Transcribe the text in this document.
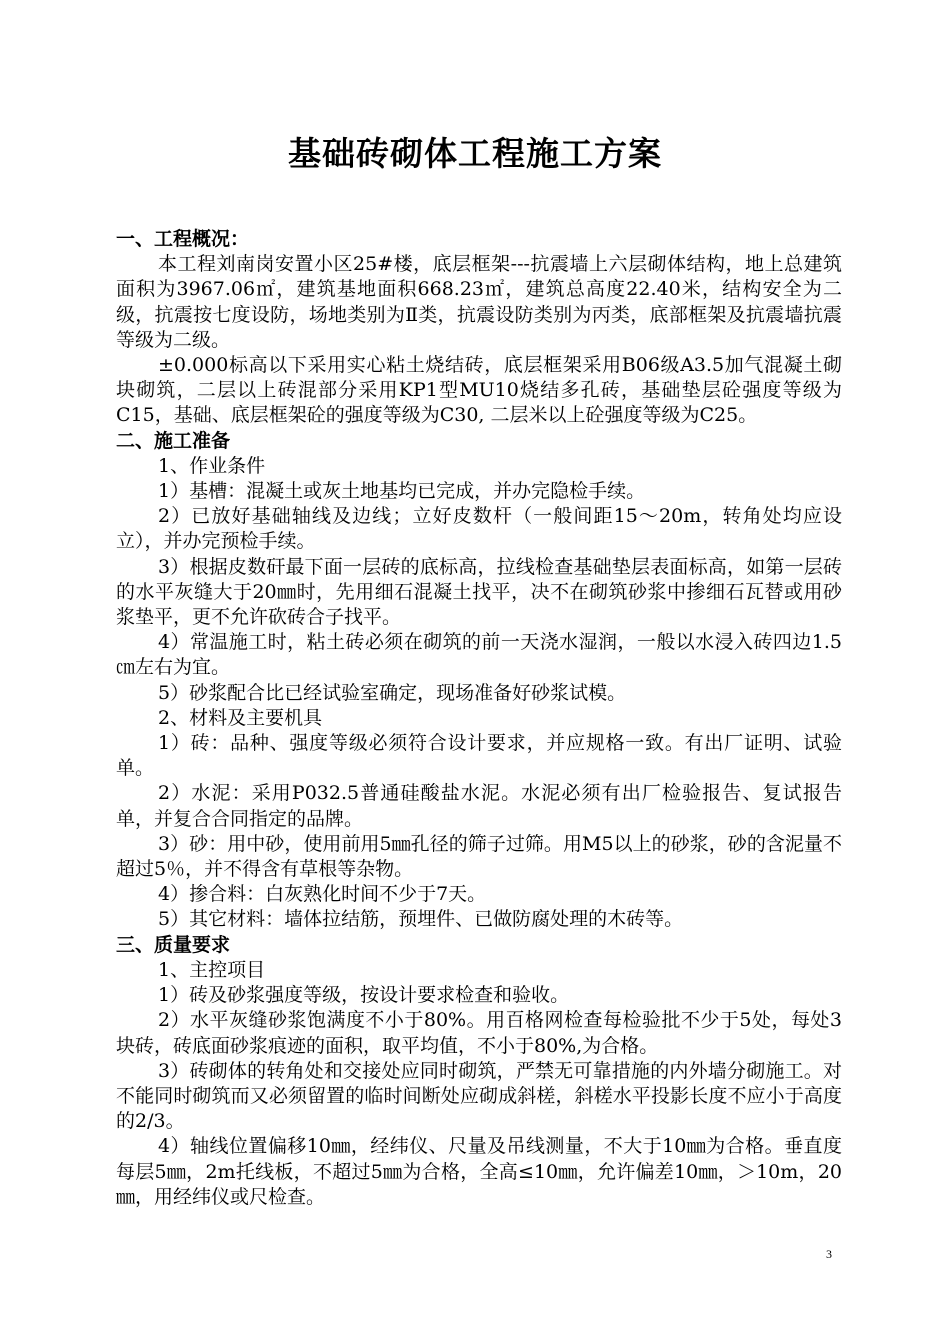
基础砖砌体工程施工方案

一、工程概况：

本工程刘南岗安置小区25#楼，底层框架---抗震墙上六层砌体结构，地上总建筑面积为3967.06㎡，建筑基地面积668.23㎡，建筑总高度22.40米，结构安全为二级，抗震按七度设防，场地类别为Ⅱ类，抗震设防类别为丙类，底部框架及抗震墙抗震等级为二级。

±0.000标高以下采用实心粘土烧结砖，底层框架采用B06级A3.5加气混凝土砌块砌筑，二层以上砖混部分采用KP1型MU10烧结多孔砖，基础垫层砼强度等级为C15，基础、底层框架砼的强度等级为C30, 二层米以上砼强度等级为C25。

二、施工准备

1、作业条件

1）基槽：混凝土或灰土地基均已完成，并办完隐检手续。

2）已放好基础轴线及边线；立好皮数杆（一般间距15～20m，转角处均应设立），并办完预检手续。

3）根据皮数矸最下面一层砖的底标高，拉线检查基础垫层表面标高，如第一层砖的水平灰缝大于20㎜时，先用细石混凝土找平，决不在砌筑砂浆中掺细石瓦替或用砂浆垫平，更不允许砍砖合子找平。

4）常温施工时，粘土砖必须在砌筑的前一天浇水湿润，一般以水浸入砖四边1.5㎝左右为宜。

5）砂浆配合比已经试验室确定，现场准备好砂浆试模。

2、材料及主要机具

1）砖：品种、强度等级必须符合设计要求，并应规格一致。有出厂证明、试验单。

2）水泥：采用P032.5普通硅酸盐水泥。水泥必须有出厂检验报告、复试报告单，并复合合同指定的品牌。

3）砂：用中砂，使用前用5㎜孔径的筛子过筛。用M5以上的砂浆，砂的含泥量不超过5％，并不得含有草根等杂物。

4）掺合料：白灰熟化时间不少于7天。

5）其它材料：墙体拉结筋，预埋件、已做防腐处理的木砖等。

三、质量要求

1、主控项目

1）砖及砂浆强度等级，按设计要求检查和验收。

2）水平灰缝砂浆饱满度不小于80%。用百格网检查每检验批不少于5处，每处3块砖，砖底面砂浆痕迹的面积，取平均值，不小于80%,为合格。

3）砖砌体的转角处和交接处应同时砌筑，严禁无可靠措施的内外墙分砌施工。对不能同时砌筑而又必须留置的临时间断处应砌成斜槎，斜槎水平投影长度不应小于高度的2/3。

4）轴线位置偏移10㎜，经纬仪、尺量及吊线测量，不大于10㎜为合格。垂直度每层5㎜，2m托线板，不超过5㎜为合格，全高≤10㎜，允许偏差10㎜，＞10m，20㎜，用经纬仪或尺检查。

3
